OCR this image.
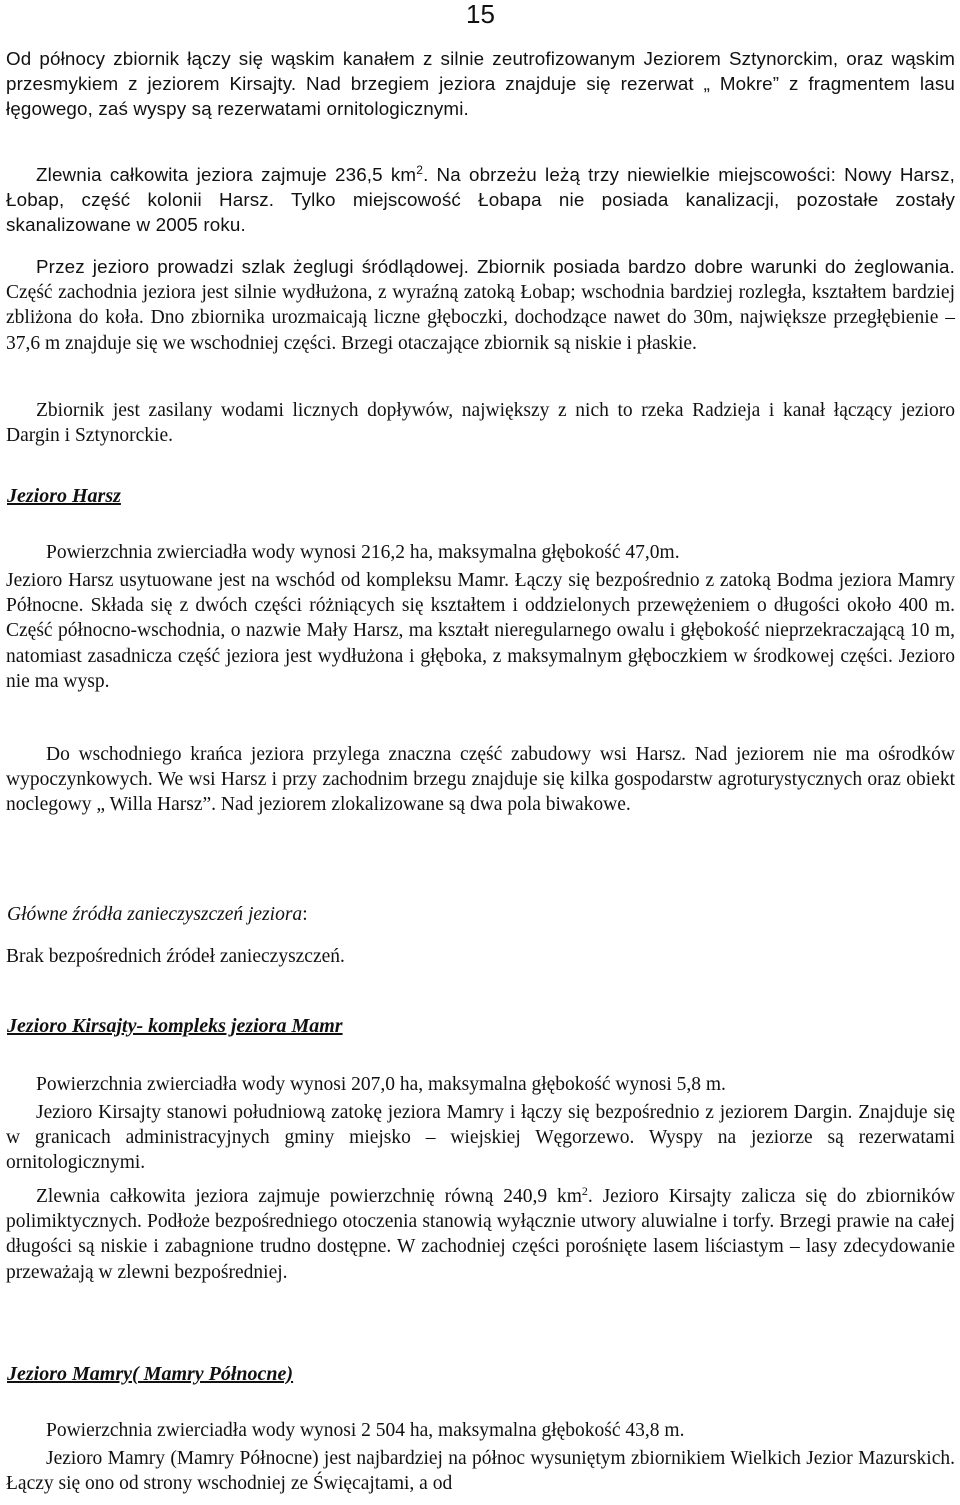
15

Od północy zbiornik łączy się wąskim kanałem z silnie zeutrofizowanym Jeziorem Sztynorckim, oraz wąskim przesmykiem z jeziorem Kirsajty. Nad brzegiem jeziora znajduje się rezerwat „ Mokre” z fragmentem lasu łęgowego, zaś wyspy są rezerwatami ornitologicznymi.

Zlewnia całkowita jeziora zajmuje 236,5 $km^2$. Na obrzeżu leżą trzy niewielkie miejscowości: Nowy Harsz, Łobap, część kolonii Harsz. Tylko miejscowość Łobapa nie posiada kanalizacji, pozostałe zostały skanalizowane w 2005 roku.

Przez jezioro prowadzi szlak żeglugi śródlądowej. Zbiornik posiada bardzo dobre warunki do żeglowania. Część zachodnia jeziora jest silnie wydłużona, z wyraźną zatoką Łobap; wschodnia bardziej rozległa, kształtem bardziej zbliżona do koła. Dno zbiornika urozmaicają liczne głęboczki, dochodzące nawet do 30m, największe przegłębienie – 37,6 m znajduje się we wschodniej części. Brzegi otaczające zbiornik są niskie i płaskie.

Zbiornik jest zasilany wodami licznych dopływów, największy z nich to rzeka Radzieja i kanał łączący jezioro Dargin i Sztynorckie.

Jezioro Harsz

Powierzchnia zwierciadła wody wynosi 216,2 ha, maksymalna głębokość 47,0m.

Jezioro Harsz usytuowane jest na wschód od kompleksu Mamr. Łączy się bezpośrednio z zatoką Bodma jeziora Mamry Północne. Składa się z dwóch części różniących się kształtem i oddzielonych przewężeniem o długości około 400 m. Część północno-wschodnia, o nazwie Mały Harsz, ma kształt nieregularnego owalu i głębokość nieprzekraczającą 10 m, natomiast zasadnicza część jeziora jest wydłużona i głęboka, z maksymalnym głęboczkiem w środkowej części. Jezioro nie ma wysp.

Do wschodniego krańca jeziora przylega znaczna część zabudowy wsi Harsz. Nad jeziorem nie ma ośrodków wypoczynkowych. We wsi Harsz i przy zachodnim brzegu znajduje się kilka gospodarstw agroturystycznych oraz obiekt noclegowy „ Willa Harsz”. Nad jeziorem zlokalizowane są dwa pola biwakowe.

Główne źródła zanieczyszczeń jeziora:

Brak bezpośrednich źródeł zanieczyszczeń.

Jezioro Kirsajty- kompleks jeziora Mamr

Powierzchnia zwierciadła wody wynosi 207,0 ha, maksymalna głębokość wynosi 5,8 m.

Jezioro Kirsajty stanowi południową zatokę jeziora Mamry i łączy się bezpośrednio z jeziorem Dargin. Znajduje się w granicach administracyjnych gminy miejsko – wiejskiej Węgorzewo. Wyspy na jeziorze są rezerwatami ornitologicznymi.

Zlewnia całkowita jeziora zajmuje powierzchnię równą 240,9 $km^2$. Jezioro Kirsajty zalicza się do zbiorników polimiktycznych. Podłoże bezpośredniego otoczenia stanowią wyłącznie utwory aluwialne i torfy. Brzegi prawie na całej długości są niskie i zabagnione trudno dostępne. W zachodniej części porośnięte lasem liściastym – lasy zdecydowanie przeważają w zlewni bezpośredniej.

Jezioro Mamry( Mamry Północne)

Powierzchnia zwierciadła wody wynosi 2 504 ha, maksymalna głębokość 43,8 m.

Jezioro Mamry (Mamry Północne) jest najbardziej na północ wysuniętym zbiornikiem Wielkich Jezior Mazurskich. Łączy się ono od strony wschodniej ze Święcajtami, a od
